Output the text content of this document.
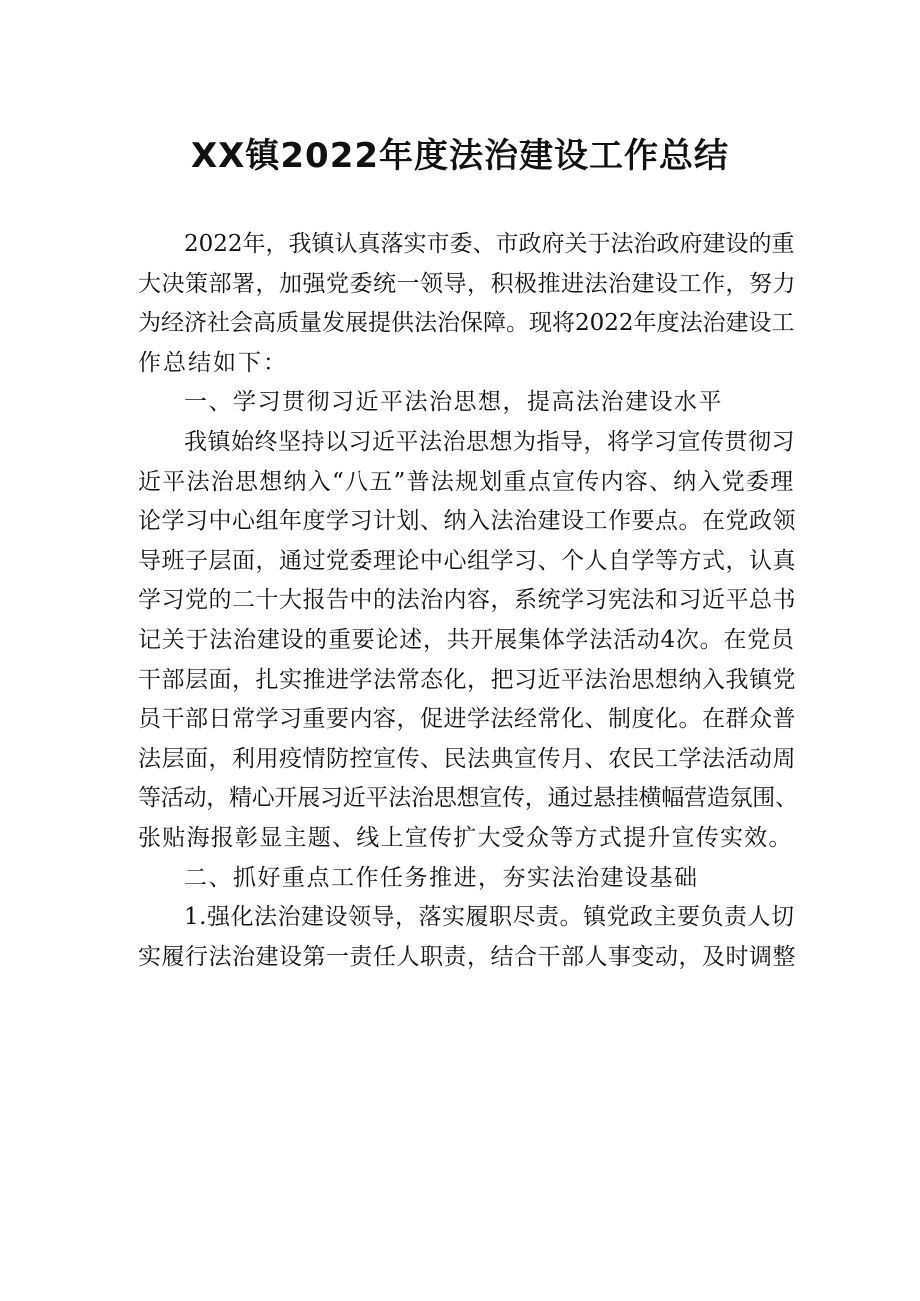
XX镇2022年度法治建设工作总结
2022年，我镇认真落实市委、市政府关于法治政府建设的重
大决策部署，加强党委统一领导，积极推进法治建设工作，努力
为经济社会高质量发展提供法治保障。现将2022年度法治建设工
作总结如下：
一、学习贯彻习近平法治思想，提高法治建设水平
我镇始终坚持以习近平法治思想为指导，将学习宣传贯彻习
近平法治思想纳入“八五”普法规划重点宣传内容、纳入党委理
论学习中心组年度学习计划、纳入法治建设工作要点。在党政领
导班子层面，通过党委理论中心组学习、个人自学等方式，认真
学习党的二十大报告中的法治内容，系统学习宪法和习近平总书
记关于法治建设的重要论述，共开展集体学法活动4次。在党员
干部层面，扎实推进学法常态化，把习近平法治思想纳入我镇党
员干部日常学习重要内容，促进学法经常化、制度化。在群众普
法层面，利用疫情防控宣传、民法典宣传月、农民工学法活动周
等活动，精心开展习近平法治思想宣传，通过悬挂横幅营造氛围、
张贴海报彰显主题、线上宣传扩大受众等方式提升宣传实效。
二、抓好重点工作任务推进，夯实法治建设基础
1.强化法治建设领导，落实履职尽责。镇党政主要负责人切
实履行法治建设第一责任人职责，结合干部人事变动，及时调整
